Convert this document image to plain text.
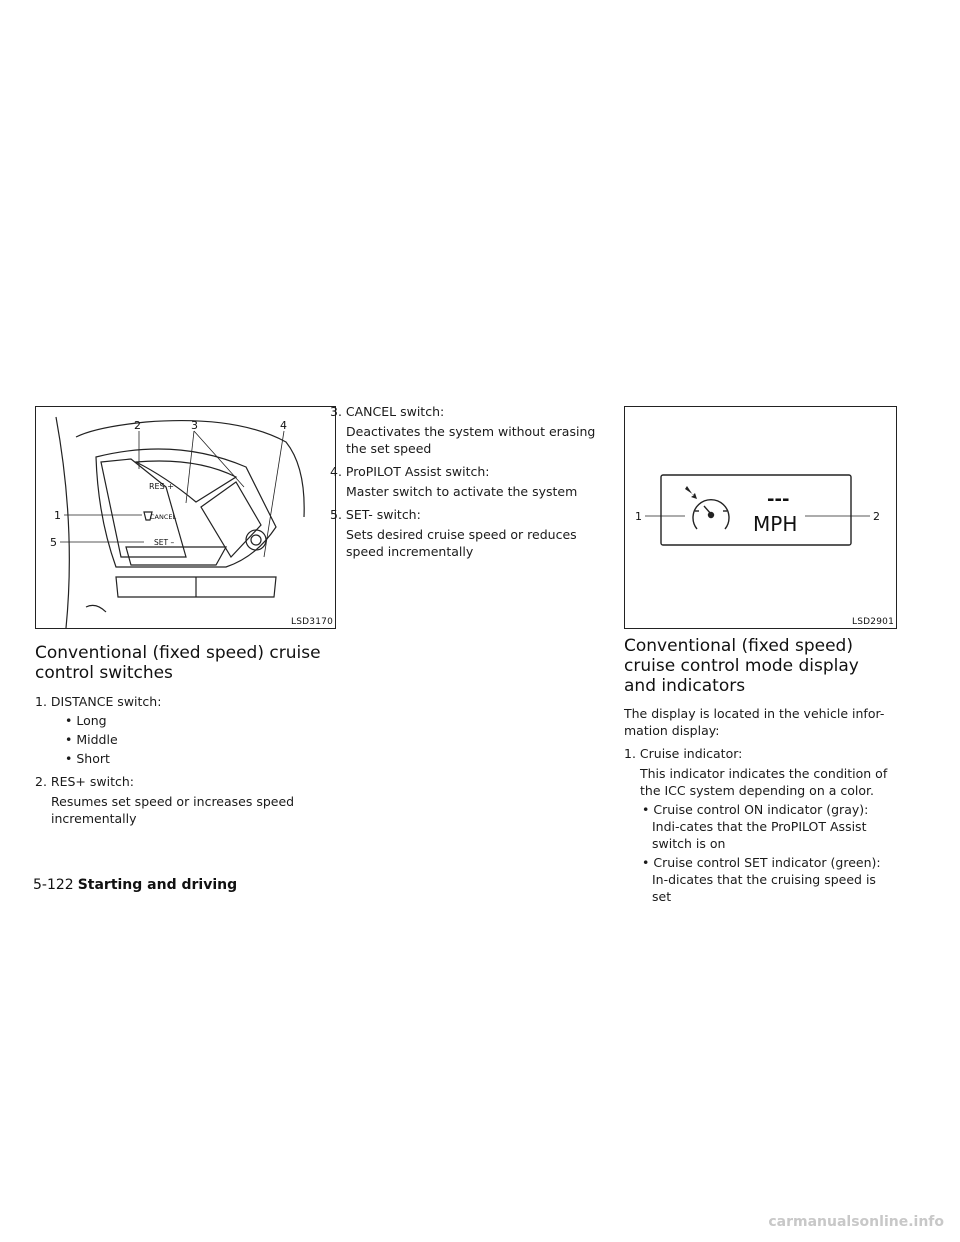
1
2	3	4
5
RES +
CANCEL
SET –
LSD3170
Conventional (fixed speed) cruise control switches
1. DISTANCE switch:
• Long
• Middle
• Short
2. RES+ switch:
Resumes set speed or increases speed incrementally
3. CANCEL switch:
Deactivates the system without erasing the set speed
4. ProPILOT Assist switch:
Master switch to activate the system
5. SET- switch:
Sets desired cruise speed or reduces speed incrementally
---
MPH
1	2
LSD2901
Conventional (fixed speed) cruise control mode display and indicators

The display is located in the vehicle infor-mation display:

1. Cruise indicator:
This indicator indicates the condition of the ICC system depending on a color.
• Cruise control ON indicator (gray): Indi-cates that the ProPILOT Assist switch is on
• Cruise control SET indicator (green): In-dicates that the cruising speed is set
5-122 Starting and driving
carmanualsonline.info
